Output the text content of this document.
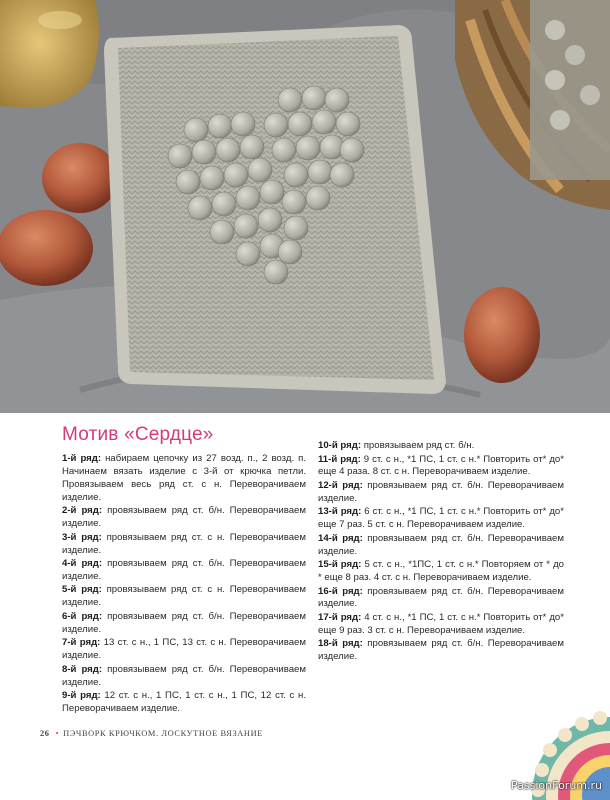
Мотив «Сердце»

1-й ряд: набираем цепочку из 27 возд. п., 2 возд. п. Начинаем вязать изделие с 3-й от крючка петли. Провязываем весь ряд ст. с н. Переворачиваем изделие.

2-й ряд: провязываем ряд ст. б/н. Переворачиваем изделие.

3-й ряд: провязываем ряд ст. с н. Переворачиваем изделие.

4-й ряд: провязываем ряд ст. б/н. Переворачиваем изделие.

5-й ряд: провязываем ряд ст. с н. Переворачиваем изделие.

6-й ряд: провязываем ряд ст. б/н. Переворачиваем изделие.

7-й ряд: 13 ст. с н., 1 ПС, 13 ст. с н. Переворачиваем изделие.

8-й ряд: провязываем ряд ст. б/н. Переворачиваем изделие.

9-й ряд: 12 ст. с н., 1 ПС, 1 ст. с н., 1 ПС, 12 ст. с н. Переворачиваем изделие.

10-й ряд: провязываем ряд ст. б/н.

11-й ряд: 9 ст. с н., *1 ПС, 1 ст. с н.* Повторить от* до* еще 4 раза. 8 ст. с н. Переворачиваем изделие.

12-й ряд: провязываем ряд ст. б/н. Переворачиваем изделие.

13-й ряд: 6 ст. с н., *1 ПС, 1 ст. с н.* Повторить от* до* еще 7 раз. 5 ст. с н. Переворачиваем изделие.

14-й ряд: провязываем ряд ст. б/н. Переворачиваем изделие.

15-й ряд: 5 ст. с н., *1ПС, 1 ст. с н.* Повторяем от * до * еще 8 раз. 4 ст. с н. Переворачиваем изделие.

16-й ряд: провязываем ряд ст. б/н. Переворачиваем изделие.

17-й ряд: 4 ст. с н., *1 ПС, 1 ст. с н.* Повторить от* до* еще 9 раз. 3 ст. с н. Переворачиваем изделие.

18-й ряд: провязываем ряд ст. б/н. Переворачиваем изделие.

26 • ПЭЧВОРК КРЮЧКОМ. ЛОСКУТНОЕ ВЯЗАНИЕ
PassionForum.ru
